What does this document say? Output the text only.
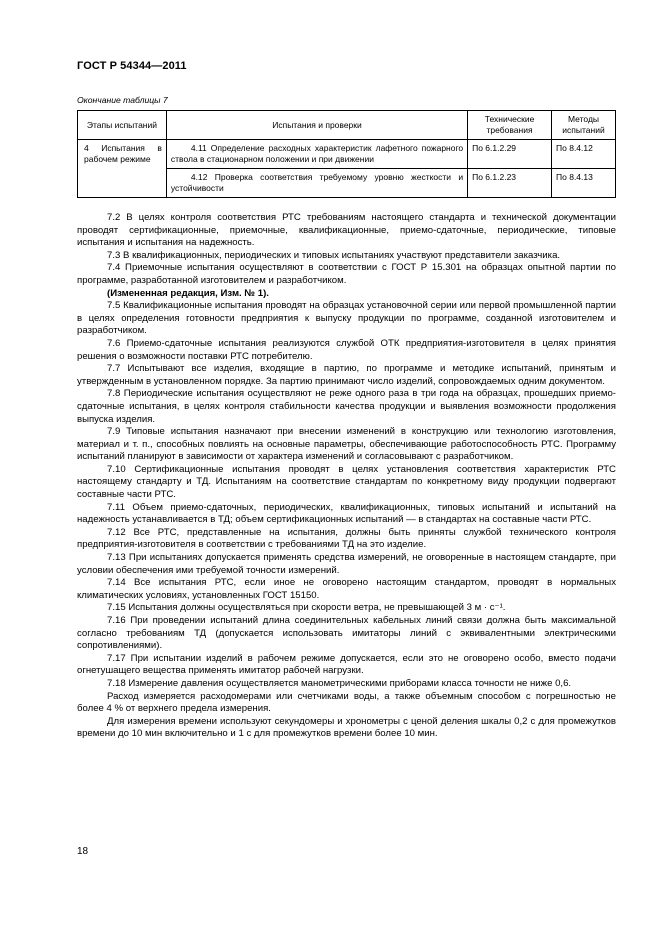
ГОСТ Р 54344—2011
Окончание таблицы 7
Этапы испытаний	Испытания и проверки	Технические требования	Методы испытаний
4 Испытания в рабочем режиме	4.11 Определение расходных характеристик лафетного пожарного ствола в стационарном положении и при движении	По 6.1.2.29	По 8.4.12
	4.12 Проверка соответствия требуемому уровню жесткости и устойчивости	По 6.1.2.23	По 8.4.13

7.2 В целях контроля соответствия РТС требованиям настоящего стандарта и технической документации проводят сертификационные, приемочные, квалификационные, приемо-сдаточные, периодические, типовые испытания и испытания на надежность.

7.3 В квалификационных, периодических и типовых испытаниях участвуют представители заказчика.

7.4 Приемочные испытания осуществляют в соответствии с ГОСТ Р 15.301 на образцах опытной партии по программе, разработанной изготовителем и разработчиком.

(Измененная редакция, Изм. № 1).

7.5 Квалификационные испытания проводят на образцах установочной серии или первой промышленной партии в целях определения готовности предприятия к выпуску продукции по программе, созданной изготовителем и разработчиком.

7.6 Приемо-сдаточные испытания реализуются службой ОТК предприятия-изготовителя в целях принятия решения о возможности поставки РТС потребителю.

7.7 Испытывают все изделия, входящие в партию, по программе и методике испытаний, принятым и утвержденным в установленном порядке. За партию принимают число изделий, сопровождаемых одним документом.

7.8 Периодические испытания осуществляют не реже одного раза в три года на образцах, прошедших приемо-сдаточные испытания, в целях контроля стабильности качества продукции и выявления возможности продолжения выпуска изделия.

7.9 Типовые испытания назначают при внесении изменений в конструкцию или технологию изготовления, материал и т. п., способных повлиять на основные параметры, обеспечивающие работоспособность РТС. Программу испытаний планируют в зависимости от характера изменений и согласовывают с разработчиком.

7.10 Сертификационные испытания проводят в целях установления соответствия характеристик РТС настоящему стандарту и ТД. Испытаниям на соответствие стандартам по конкретному виду продукции подвергают составные части РТС.

7.11 Объем приемо-сдаточных, периодических, квалификационных, типовых испытаний и испытаний на надежность устанавливается в ТД; объем сертификационных испытаний — в стандартах на составные части РТС.

7.12 Все РТС, представленные на испытания, должны быть приняты службой технического контроля предприятия-изготовителя в соответствии с требованиями ТД на это изделие.

7.13 При испытаниях допускается применять средства измерений, не оговоренные в настоящем стандарте, при условии обеспечения ими требуемой точности измерений.

7.14 Все испытания РТС, если иное не оговорено настоящим стандартом, проводят в нормальных климатических условиях, установленных ГОСТ 15150.

7.15 Испытания должны осуществляться при скорости ветра, не превышающей 3 м · с⁻¹.

7.16 При проведении испытаний длина соединительных кабельных линий связи должна быть максимальной согласно требованиям ТД (допускается использовать имитаторы линий с эквивалентными электрическими сопротивлениями).

7.17 При испытании изделий в рабочем режиме допускается, если это не оговорено особо, вместо подачи огнетушащего вещества применять имитатор рабочей нагрузки.

7.18 Измерение давления осуществляется манометрическими приборами класса точности не ниже 0,6.

Расход измеряется расходомерами или счетчиками воды, а также объемным способом с погрешностью не более 4 % от верхнего предела измерения.

Для измерения времени используют секундомеры и хронометры с ценой деления шкалы 0,2 с для промежутков времени до 10 мин включительно и 1 с для промежутков времени более 10 мин.

18
